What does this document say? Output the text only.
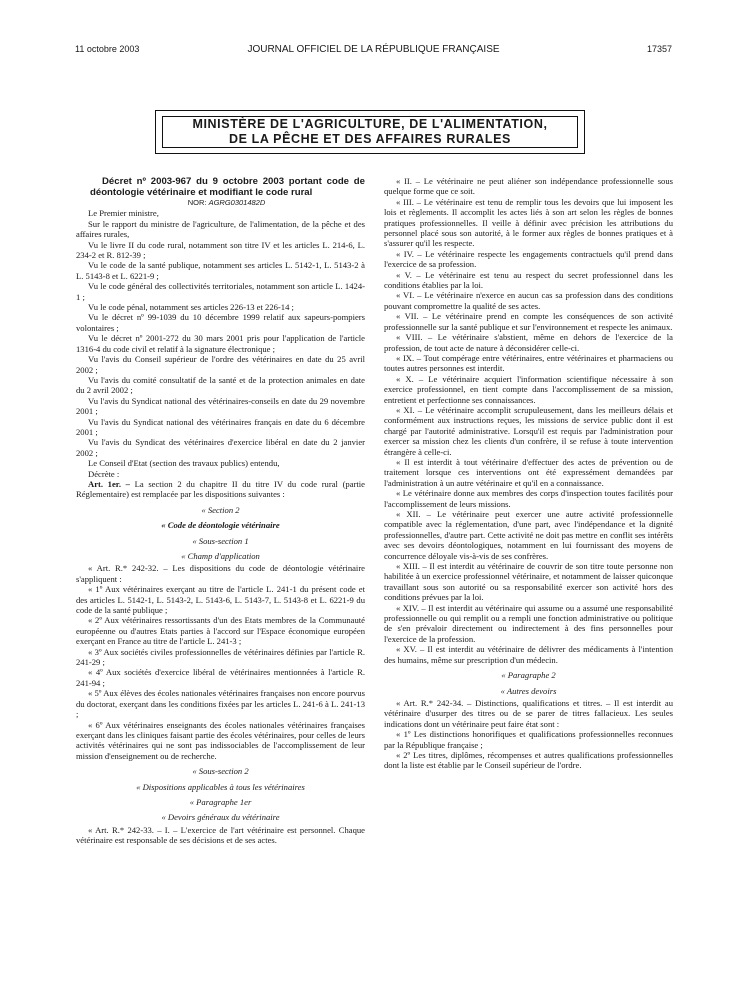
11 octobre 2003	JOURNAL OFFICIEL DE LA RÉPUBLIQUE FRANÇAISE	17357
MINISTÈRE DE L'AGRICULTURE, DE L'ALIMENTATION,
DE LA PÊCHE ET DES AFFAIRES RURALES

Décret nº 2003-967 du 9 octobre 2003 portant code de déontologie vétérinaire et modifiant le code rural

NOR: AGRG0301482D

Le Premier ministre,

Sur le rapport du ministre de l'agriculture, de l'alimentation, de la pêche et des affaires rurales,

Vu le livre II du code rural, notamment son titre IV et les articles L. 214-6, L. 234-2 et R. 812-39 ;

Vu le code de la santé publique, notamment ses articles L. 5142-1, L. 5143-2 à L. 5143-8 et L. 6221-9 ;

Vu le code général des collectivités territoriales, notamment son article L. 1424-1 ;

Vu le code pénal, notamment ses articles 226-13 et 226-14 ;

Vu le décret nº 99-1039 du 10 décembre 1999 relatif aux sapeurs-pompiers volontaires ;

Vu le décret nº 2001-272 du 30 mars 2001 pris pour l'application de l'article 1316-4 du code civil et relatif à la signature électronique ;

Vu l'avis du Conseil supérieur de l'ordre des vétérinaires en date du 25 avril 2002 ;

Vu l'avis du comité consultatif de la santé et de la protection animales en date du 2 avril 2002 ;

Vu l'avis du Syndicat national des vétérinaires-conseils en date du 29 novembre 2001 ;

Vu l'avis du Syndicat national des vétérinaires français en date du 6 décembre 2001 ;

Vu l'avis du Syndicat des vétérinaires d'exercice libéral en date du 2 janvier 2002 ;

Le Conseil d'Etat (section des travaux publics) entendu,

Décrète :

Art. 1er. – La section 2 du chapitre II du titre IV du code rural (partie Réglementaire) est remplacée par les dispositions suivantes :

« Section 2

« Code de déontologie vétérinaire

« Sous-section 1

« Champ d'application

« Art. R.* 242-32. – Les dispositions du code de déontologie vétérinaire s'appliquent :

« 1º Aux vétérinaires exerçant au titre de l'article L. 241-1 du présent code et des articles L. 5142-1, L. 5143-2, L. 5143-6, L. 5143-7, L. 5143-8 et L. 6221-9 du code de la santé publique ;

« 2º Aux vétérinaires ressortissants d'un des Etats membres de la Communauté européenne ou d'autres Etats parties à l'accord sur l'Espace économique européen exerçant en France au titre de l'article L. 241-3 ;

« 3º Aux sociétés civiles professionnelles de vétérinaires définies par l'article R. 241-29 ;

« 4º Aux sociétés d'exercice libéral de vétérinaires mentionnées à l'article R. 241-94 ;

« 5º Aux élèves des écoles nationales vétérinaires françaises non encore pourvus du doctorat, exerçant dans les conditions fixées par les articles L. 241-6 à L. 241-13 ;

« 6º Aux vétérinaires enseignants des écoles nationales vétérinaires françaises exerçant dans les cliniques faisant partie des écoles vétérinaires, pour celles de leurs activités vétérinaires qui ne sont pas indissociables de l'accomplissement de leur mission d'enseignement ou de recherche.

« Sous-section 2

« Dispositions applicables à tous les vétérinaires

« Paragraphe 1er

« Devoirs généraux du vétérinaire

« Art. R.* 242-33. – I. – L'exercice de l'art vétérinaire est personnel. Chaque vétérinaire est responsable de ses décisions et de ses actes.

« II. – Le vétérinaire ne peut aliéner son indépendance professionnelle sous quelque forme que ce soit.

« III. – Le vétérinaire est tenu de remplir tous les devoirs que lui imposent les lois et règlements. Il accomplit les actes liés à son art selon les règles de bonnes pratiques professionnelles. Il veille à définir avec précision les attributions du personnel placé sous son autorité, à le former aux règles de bonnes pratiques et à s'assurer qu'il les respecte.

« IV. – Le vétérinaire respecte les engagements contractuels qu'il prend dans l'exercice de sa profession.

« V. – Le vétérinaire est tenu au respect du secret professionnel dans les conditions établies par la loi.

« VI. – Le vétérinaire n'exerce en aucun cas sa profession dans des conditions pouvant compromettre la qualité de ses actes.

« VII. – Le vétérinaire prend en compte les conséquences de son activité professionnelle sur la santé publique et sur l'environnement et respecte les animaux.

« VIII. – Le vétérinaire s'abstient, même en dehors de l'exercice de la profession, de tout acte de nature à déconsidérer celle-ci.

« IX. – Tout compérage entre vétérinaires, entre vétérinaires et pharmaciens ou toutes autres personnes est interdit.

« X. – Le vétérinaire acquiert l'information scientifique nécessaire à son exercice professionnel, en tient compte dans l'accomplissement de sa mission, entretient et perfectionne ses connaissances.

« XI. – Le vétérinaire accomplit scrupuleusement, dans les meilleurs délais et conformément aux instructions reçues, les missions de service public dont il est chargé par l'autorité administrative. Lorsqu'il est requis par l'administration pour exercer sa mission chez les clients d'un confrère, il se refuse à toute intervention étrangère à celle-ci.

« Il est interdit à tout vétérinaire d'effectuer des actes de prévention ou de traitement lorsque ces interventions ont été expressément demandées par l'administration à un autre vétérinaire et qu'il en a connaissance.

« Le vétérinaire donne aux membres des corps d'inspection toutes facilités pour l'accomplissement de leurs missions.

« XII. – Le vétérinaire peut exercer une autre activité professionnelle compatible avec la réglementation, d'une part, avec l'indépendance et la dignité professionnelles, d'autre part. Cette activité ne doit pas mettre en conflit ses intérêts avec ses devoirs déontologiques, notamment en lui fournissant des moyens de concurrence déloyale vis-à-vis de ses confrères.

« XIII. – Il est interdit au vétérinaire de couvrir de son titre toute personne non habilitée à un exercice professionnel vétérinaire, et notamment de laisser quiconque travaillant sous son autorité ou sa responsabilité exercer son activité hors des conditions prévues par la loi.

« XIV. – Il est interdit au vétérinaire qui assume ou a assumé une responsabilité professionnelle ou qui remplit ou a rempli une fonction administrative ou politique de s'en prévaloir directement ou indirectement à des fins personnelles pour l'exercice de la profession.

« XV. – Il est interdit au vétérinaire de délivrer des médicaments à l'intention des humains, même sur prescription d'un médecin.

« Paragraphe 2

« Autres devoirs

« Art. R.* 242-34. – Distinctions, qualifications et titres. – Il est interdit au vétérinaire d'usurper des titres ou de se parer de titres fallacieux. Les seules indications dont un vétérinaire peut faire état sont :

« 1º Les distinctions honorifiques et qualifications professionnelles reconnues par la République française ;

« 2º Les titres, diplômes, récompenses et autres qualifications professionnelles dont la liste est établie par le Conseil supérieur de l'ordre.
